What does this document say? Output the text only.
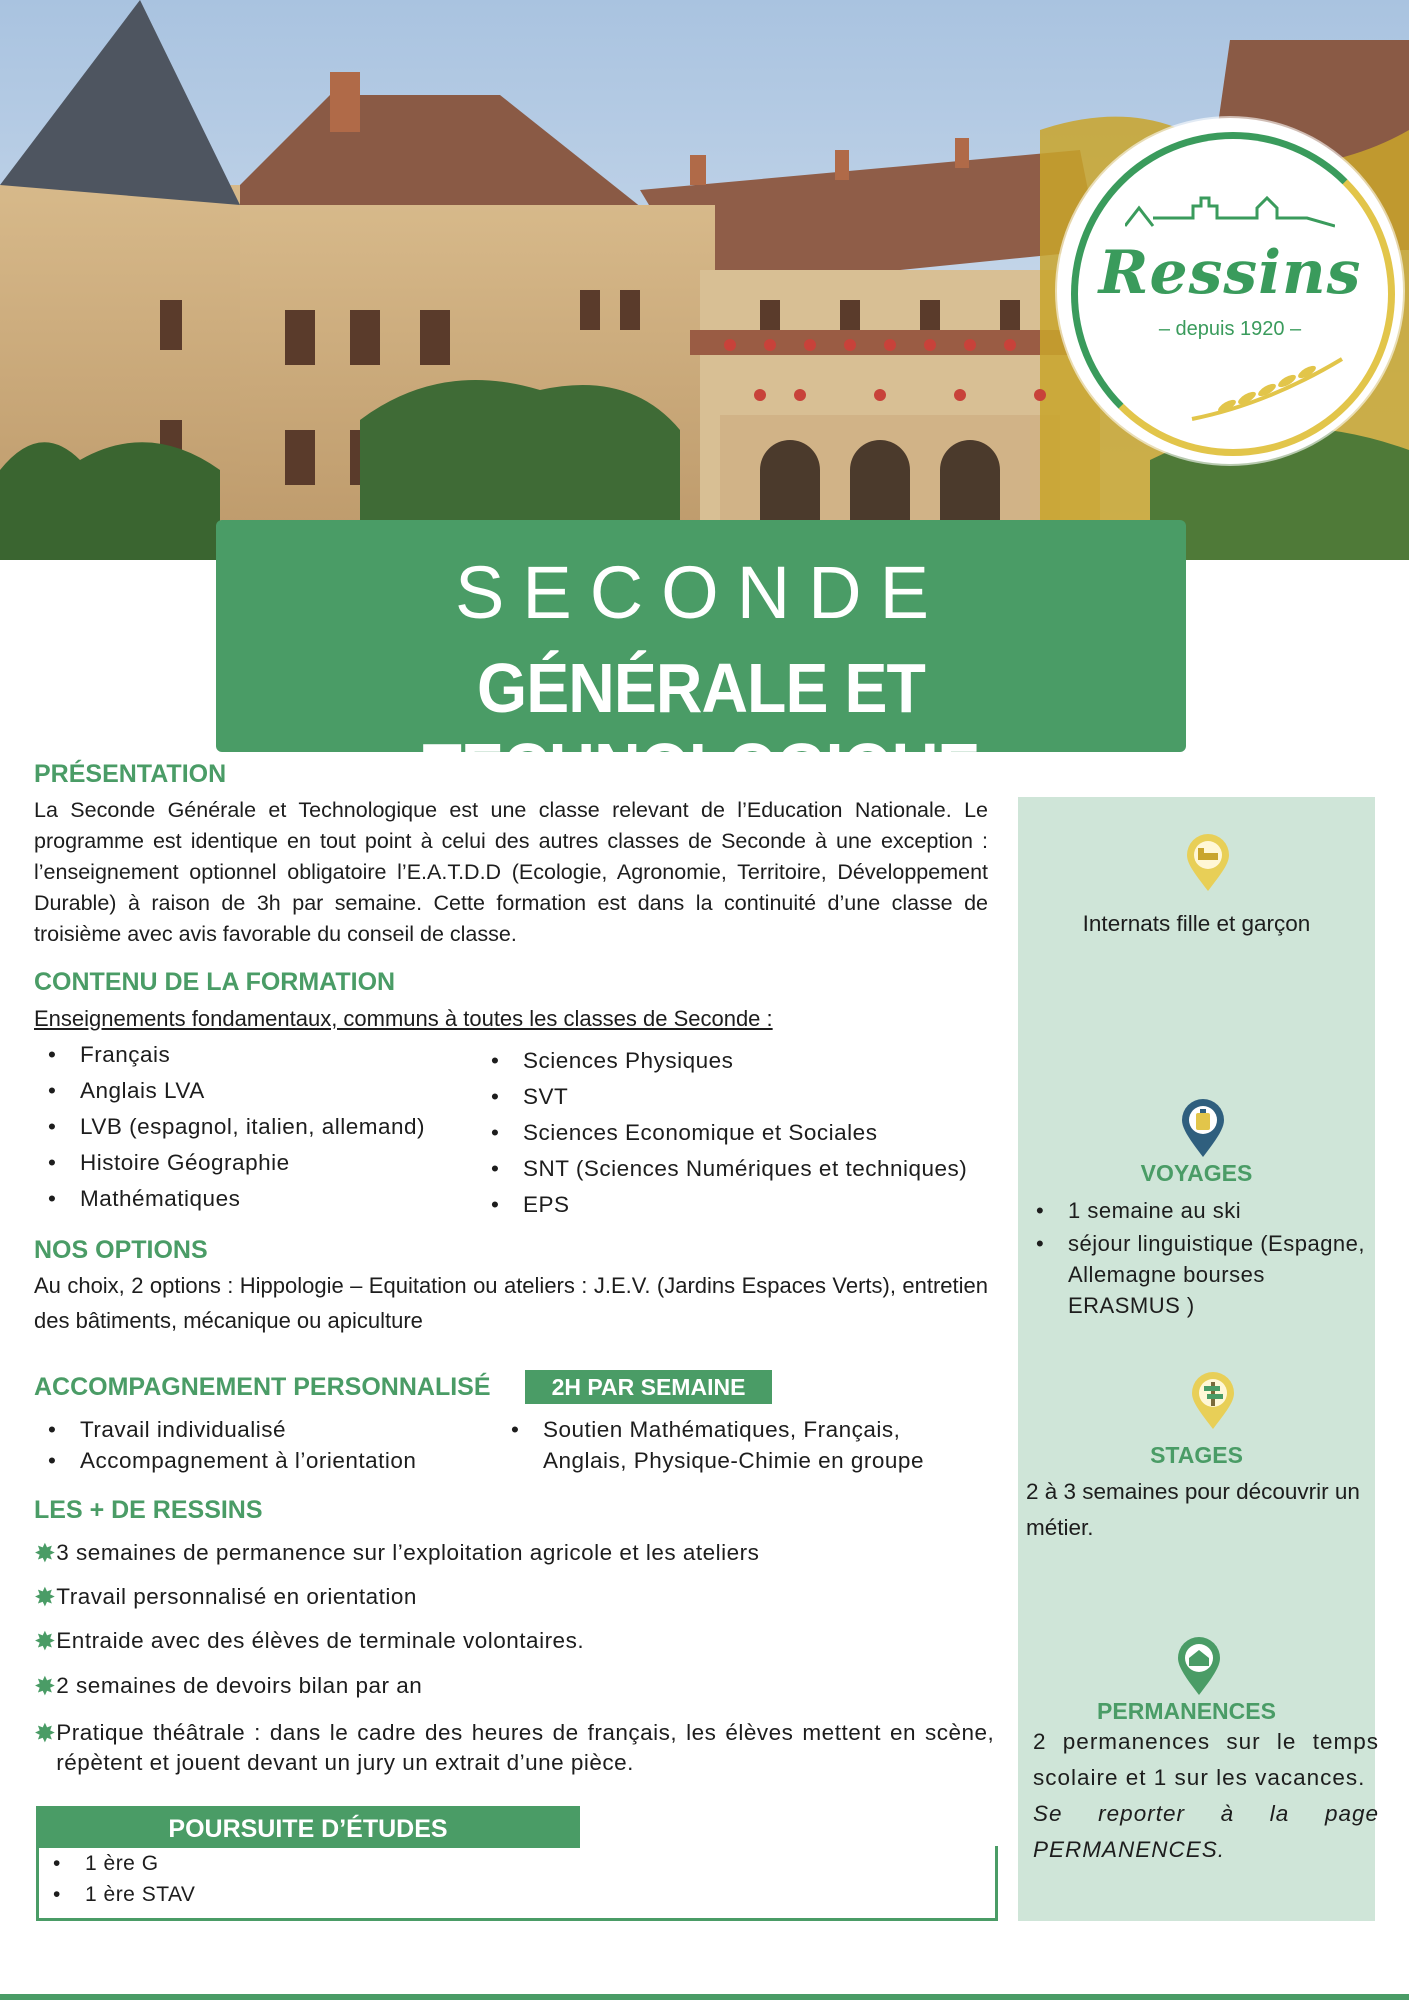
Ressins
– depuis 1920 –
SECONDE
GÉNÉRALE ET TECHNOLOGIQUE
PRÉSENTATION

La Seconde Générale et Technologique est une classe relevant de l’Education Nationale. Le programme est identique en tout point à celui des autres classes de Seconde à une exception : l’enseignement optionnel obligatoire l’E.A.T.D.D (Ecologie, Agronomie, Territoire, Développement Durable) à raison de 3h par semaine. Cette formation est dans la continuité d’une classe de troisième avec avis favorable du conseil de classe.

CONTENU DE LA FORMATION

Enseignements fondamentaux, communs à toutes les classes de Seconde :

• Français
• Anglais LVA
• LVB (espagnol, italien, allemand)
• Histoire Géographie
• Mathématiques
• Sciences Physiques
• SVT
• Sciences Economique et Sociales
• SNT (Sciences Numériques et techniques)
• EPS
NOS OPTIONS

Au choix, 2 options : Hippologie – Equitation ou ateliers : J.E.V. (Jardins Espaces Verts), entretien des bâtiments, mécanique ou apiculture

ACCOMPAGNEMENT PERSONNALISÉ	2H PAR SEMAINE
• Travail individualisé
• Accompagnement à l’orientation
• Soutien Mathématiques, Français, Anglais, Physique-Chimie en groupe
LES + DE RESSINS
✸3 semaines de permanence sur l’exploitation agricole et les ateliers
✸Travail personnalisé en orientation
✸Entraide avec des élèves de terminale volontaires.
✸2 semaines de devoirs bilan par an
✸ Pratique théâtrale : dans le cadre des heures de français, les élèves mettent en scène, répètent et jouent devant un jury un extrait d’une pièce.
POURSUITE D’ÉTUDES
• 1 ère G
• 1 ère STAV
Internats fille et garçon
VOYAGES
• 1 semaine au ski
• séjour linguistique (Espagne, Allemagne bourses ERASMUS )
STAGES
2 à 3 semaines pour découvrir un métier.
PERMANENCES
2 permanences sur le temps scolaire et 1 sur les vacances.
Se reporter à la page PERMANENCES.
